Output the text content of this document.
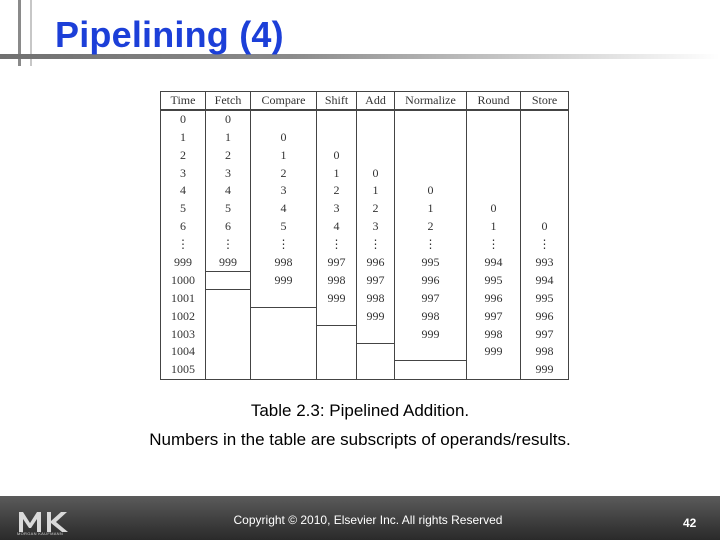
Pipelining (4)
Time	Fetch	Compare	Shift	Add	Normalize	Round	Store
0	0						
1	1	0					
2	2	1	0				
3	3	2	1	0			
4	4	3	2	1	0		
5	5	4	3	2	1	0	
6	6	5	4	3	2	1	0
⋮	⋮	⋮	⋮	⋮	⋮	⋮	⋮
999	999	998	997	996	995	994	993
1000		999	998	997	996	995	994
1001			999	998	997	996	995
1002				999	998	997	996
1003					999	998	997
1004						999	998
1005							999
Table 2.3: Pipelined Addition.
Numbers in the table are subscripts of operands/results.
MORGAN KAUFMANN
Copyright © 2010, Elsevier Inc. All rights Reserved	42
